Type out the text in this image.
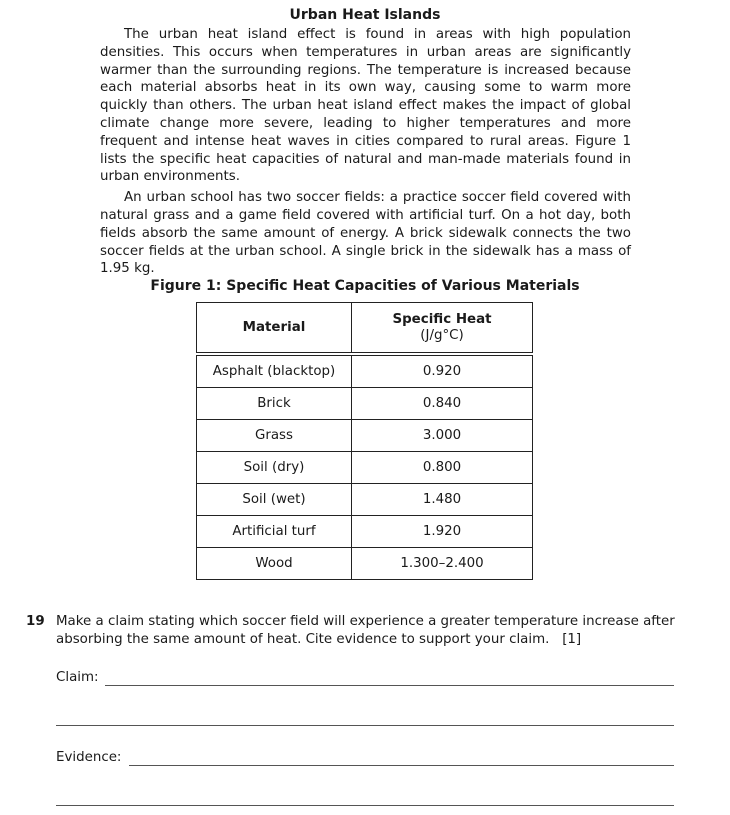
Urban Heat Islands

The urban heat island effect is found in areas with high population densities. This occurs when temperatures in urban areas are significantly warmer than the surrounding regions. The temperature is increased because each material absorbs heat in its own way, causing some to warm more quickly than others. The urban heat island effect makes the impact of global climate change more severe, leading to higher temperatures and more frequent and intense heat waves in cities compared to rural areas. Figure 1 lists the specific heat capacities of natural and man-made materials found in urban environments.

An urban school has two soccer fields: a practice soccer field covered with natural grass and a game field covered with artificial turf. On a hot day, both fields absorb the same amount of energy. A brick sidewalk connects the two soccer fields at the urban school. A single brick in the sidewalk has a mass of 1.95 kg.

Figure 1: Specific Heat Capacities of Various Materials
Material	Specific Heat
(J/g°C)

Asphalt (blacktop)	0.920
Brick	0.840
Grass	3.000
Soil (dry)	0.800
Soil (wet)	1.480
Artificial turf	1.920
Wood	1.300–2.400
19 Make a claim stating which soccer field will experience a greater temperature increase after absorbing the same amount of heat. Cite evidence to support your claim. [1]
Claim:
Evidence:
